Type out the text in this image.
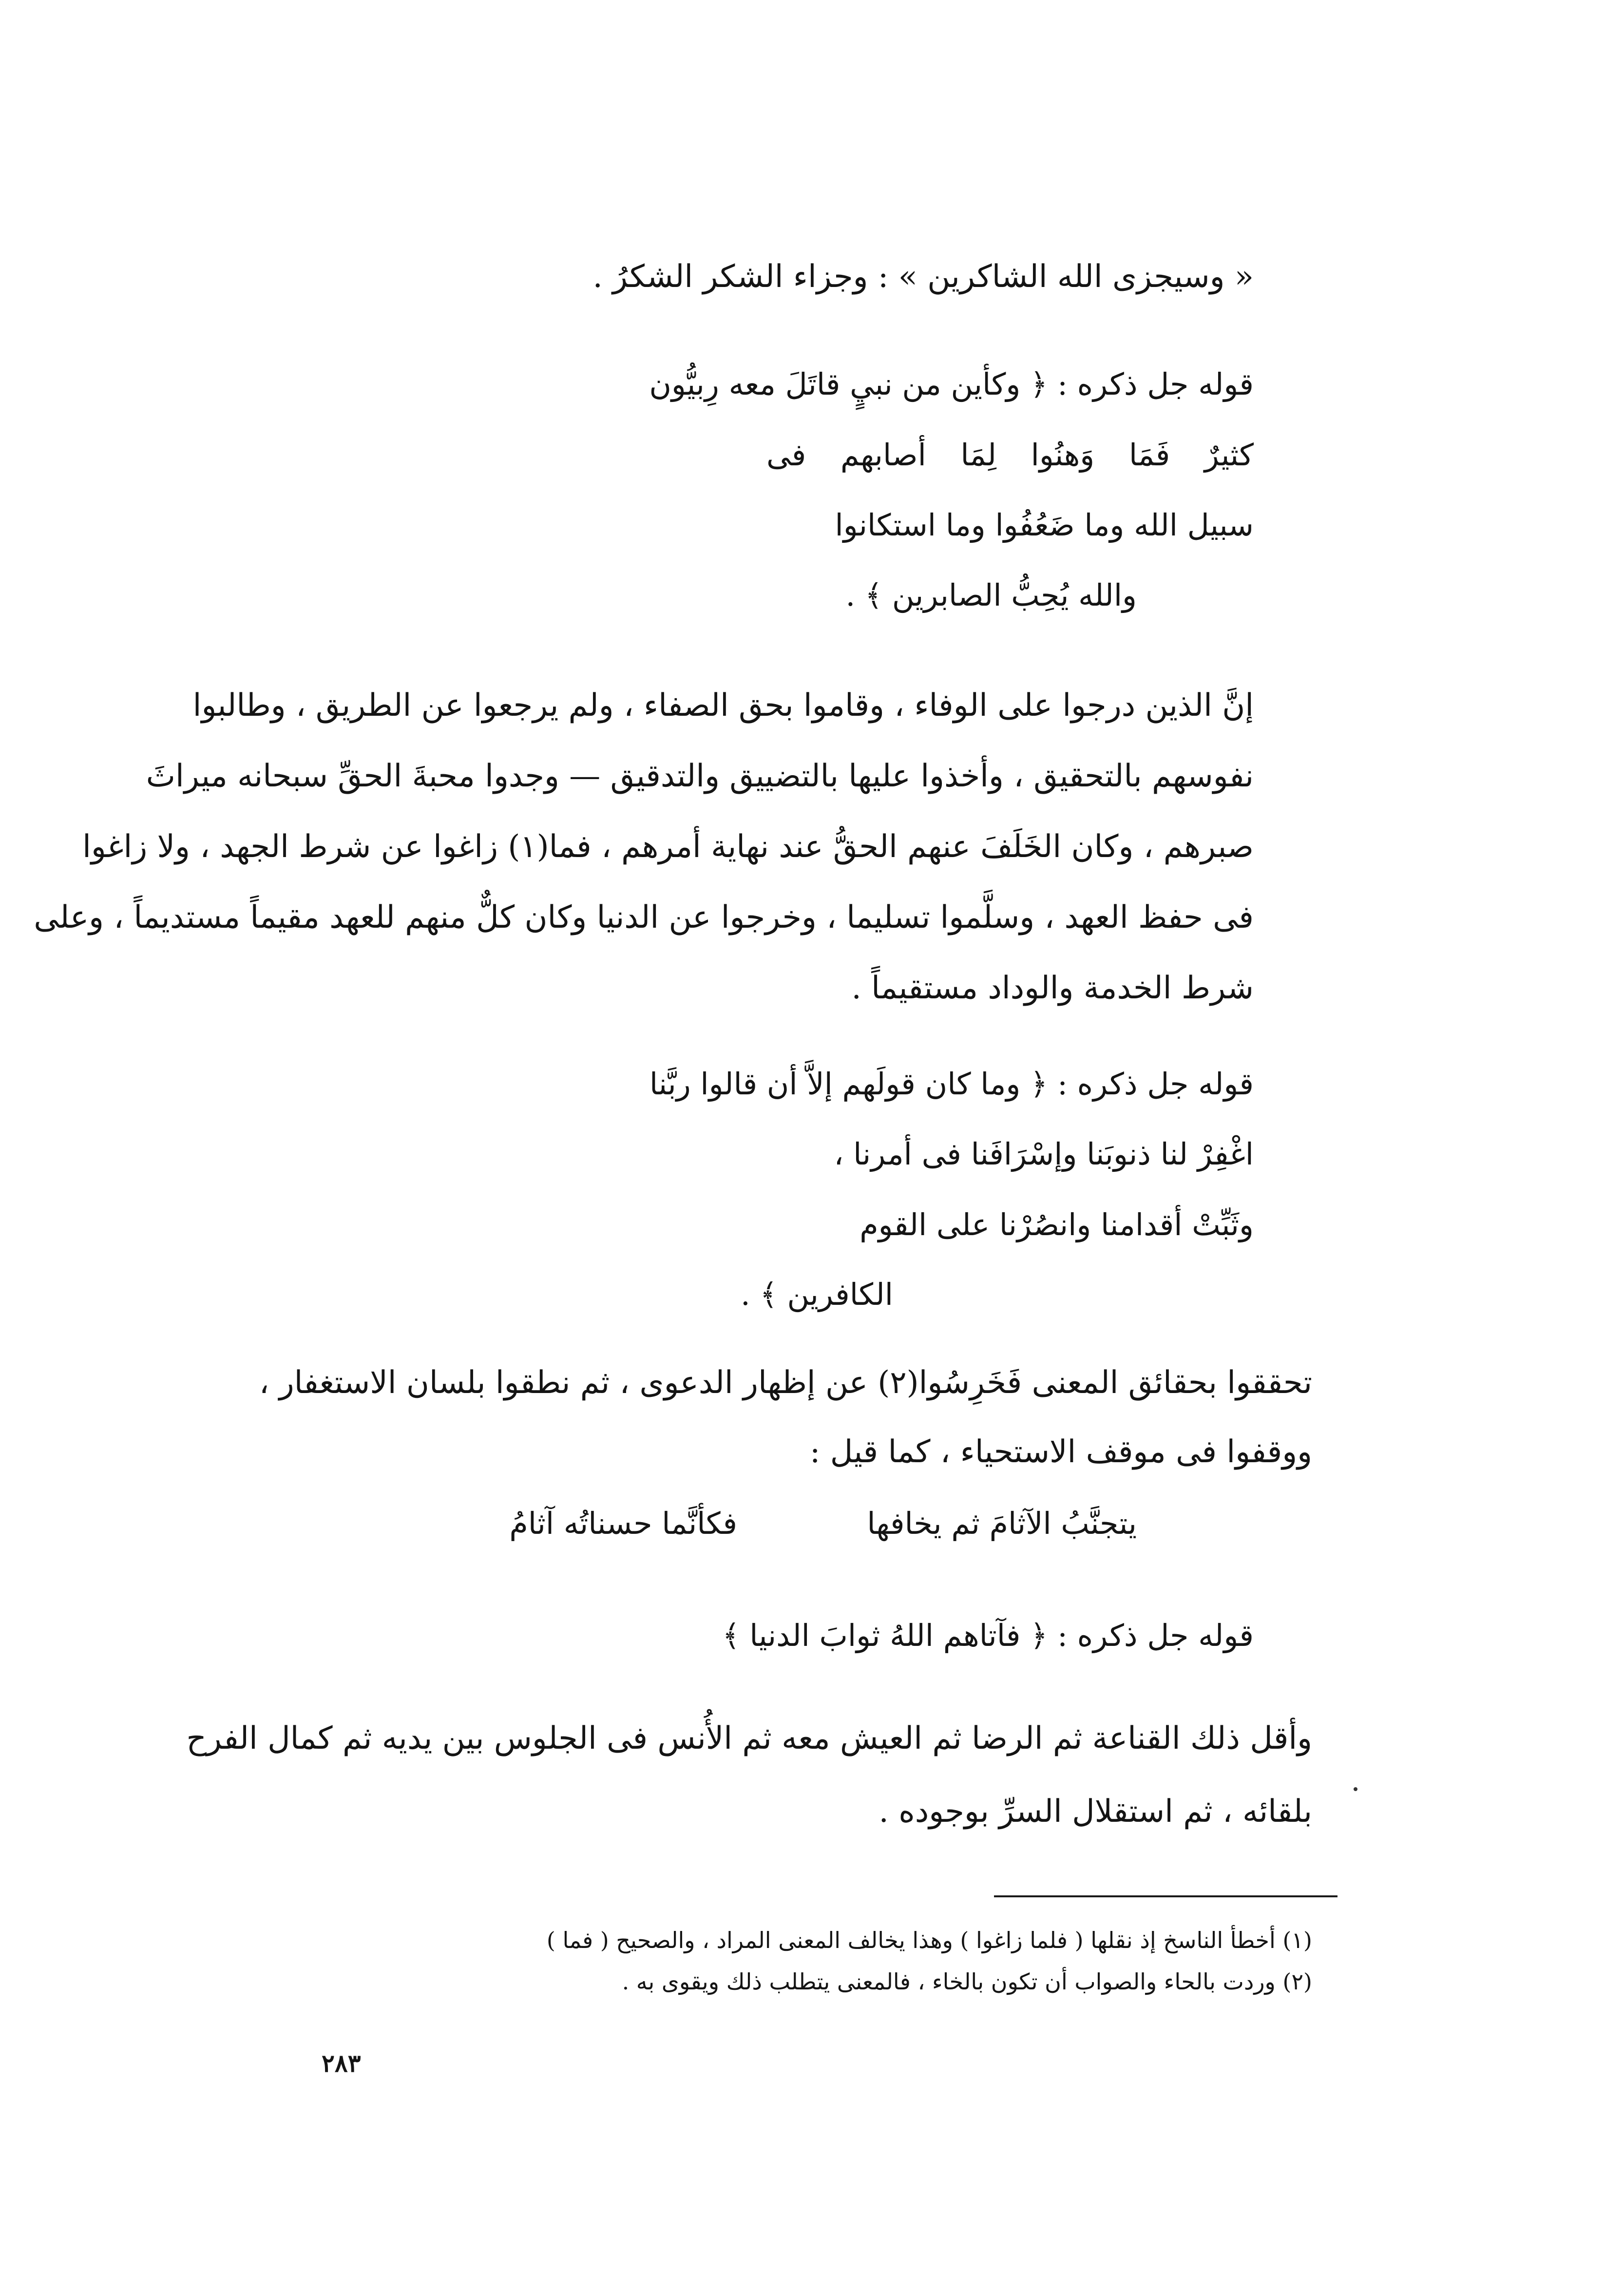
« وسيجزى الله الشاكرين » : وجزاء الشكر الشكرُ .
قوله جل ذكره : ﴿ وكأين من نبيٍ قاتَلَ معه رِبيُّون
كثيرٌ فَمَا وَهنُوا لِمَا أصابهم فى
سبيل الله وما ضَعُفُوا وما استكانوا
والله يُحِبُّ الصابرين ﴾ .
إنَّ الذين درجوا على الوفاء ، وقاموا بحق الصفاء ، ولم يرجعوا عن الطريق ، وطالبوا
نفوسهم بالتحقيق ، وأخذوا عليها بالتضييق والتدقيق — وجدوا محبةَ الحقِّ سبحانه ميراثَ
صبرهم ، وكان الخَلَفَ عنهم الحقُّ عند نهاية أمرهم ، فما(١) زاغوا عن شرط الجهد ، ولا زاغوا
فى حفظ العهد ، وسلَّموا تسليما ، وخرجوا عن الدنيا وكان كلٌّ منهم للعهد مقيماً مستديماً ، وعلى
شرط الخدمة والوداد مستقيماً .
قوله جل ذكره : ﴿ وما كان قولَهم إلاَّ أن قالوا ربَّنا
اغْفِرْ لنا ذنوبَنا وإسْرَافَنا فى أمرنا ،
وثَبِّتْ أقدامنا وانصُرْنا على القوم
الكافرين ﴾ .
تحققوا بحقائق المعنى فَخَرِسُوا(٢) عن إظهار الدعوى ، ثم نطقوا بلسان الاستغفار ،
ووقفوا فى موقف الاستحياء ، كما قيل :
يتجنَّبُ الآثامَ ثم يخافها
فكأنَّما حسناتُه آثامُ
قوله جل ذكره : ﴿ فآتاهم اللهُ ثوابَ الدنيا ﴾
وأقل ذلك القناعة ثم الرضا ثم العيش معه ثم الأُنس فى الجلوس بين يديه ثم كمال الفرح
بلقائه ، ثم استقلال السرِّ بوجوده .
(١) أخطأ الناسخ إذ نقلها ( فلما زاغوا ) وهذا يخالف المعنى المراد ، والصحيح ( فما )
(٢) وردت بالحاء والصواب أن تكون بالخاء ، فالمعنى يتطلب ذلك ويقوى به .
٢٨٣
